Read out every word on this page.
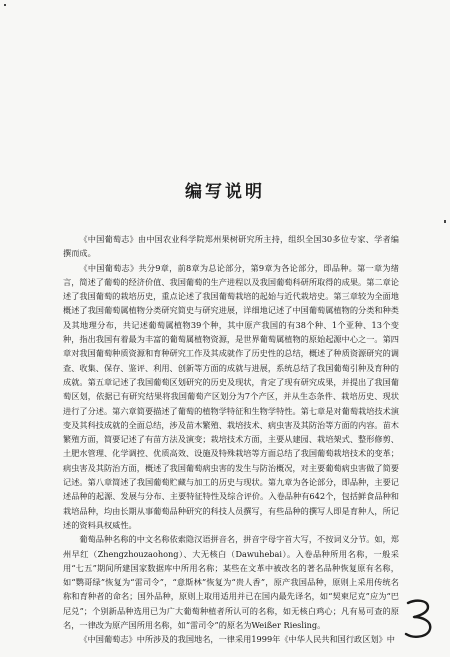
编写说明

《中国葡萄志》由中国农业科学院郑州果树研究所主持，组织全国30多位专家、学者编撰而成。

《中国葡萄志》共分9章，前8章为总论部分，第9章为各论部分，即品种。第一章为绪言，简述了葡萄的经济价值、我国葡萄的生产进程以及我国葡萄科研所取得的成果。第二章论述了我国葡萄的栽培历史，重点论述了我国葡萄栽培的起始与近代栽培史。第三章较为全面地概述了我国葡萄属植物分类研究简史与研究进展，详细地记述了中国葡萄属植物的分类和种类及其地理分布，共记述葡萄属植物39个种，其中原产我国的有38个种、1个亚种、13个变种，指出我国有着最为丰富的葡萄属植物资源，是世界葡萄属植物的原始起源中心之一。第四章对我国葡萄种质资源和育种研究工作及其成就作了历史性的总结，概述了种质资源研究的调查、收集、保存、鉴评、利用、创新等方面的成就与进展，系统总结了我国葡萄引种及育种的成就。第五章记述了我国葡萄区划研究的历史及现状，肯定了现有研究成果，并提出了我国葡萄区划，依据已有研究结果将我国葡萄产区划分为7个产区，并从生态条件、栽培历史、现状进行了分述。第六章简要描述了葡萄的植物学特征和生物学特性。第七章是对葡萄栽培技术演变及其科技成就的全面总结，涉及苗木繁殖、栽培技术、病虫害及其防治等方面的内容。苗木繁殖方面，简要记述了有苗方法及演变；栽培技术方面，主要从建园、栽培架式、整形修剪、土肥水管理、化学调控、优质高效、设施及特殊栽培等方面总结了我国葡萄栽培技术的变革；病虫害及其防治方面，概述了我国葡萄病虫害的发生与防治概况，对主要葡萄病虫害做了简要记述。第八章简述了我国葡萄贮藏与加工的历史与现状。第九章为各论部分，即品种，主要记述品种的起源、发展与分布、主要特征特性及综合评价。入卷品种有642个，包括鲜食品种和栽培品种，均由长期从事葡萄品种研究的科技人员撰写，有些品种的撰写人即是育种人，所记述的资料具权威性。

葡萄品种名称的中文名称依索隐汉语拼音名，拼音字母字首大写，不按词义分节。如，郑州早红（Zhengzhouzaohong）、大无核白（Dawuhebai）。入卷品种所用名称，一般采用“七五”期间所建国家数据库中所用名称；某些在文革中被改名的著名品种恢复原有名称，如“鹦哥绿”恢复为“雷司令”，“意斯林”恢复为“贵人香”，原产我国品种，原则上采用传统名称和育种者的命名；国外品种，原则上取用适用并已在国内最先译名，如“契柬尼克”应为“巴尼兑”；个别新品种选用已为广大葡萄种植者所认可的名称，如无核白鸡心；凡有易可查的原名，一律改为原产国所用名称，如“雷司令”的原名为Weißer Riesling。

《中国葡萄志》中所涉及的我国地名，一律采用1999年《中华人民共和国行政区划》中
